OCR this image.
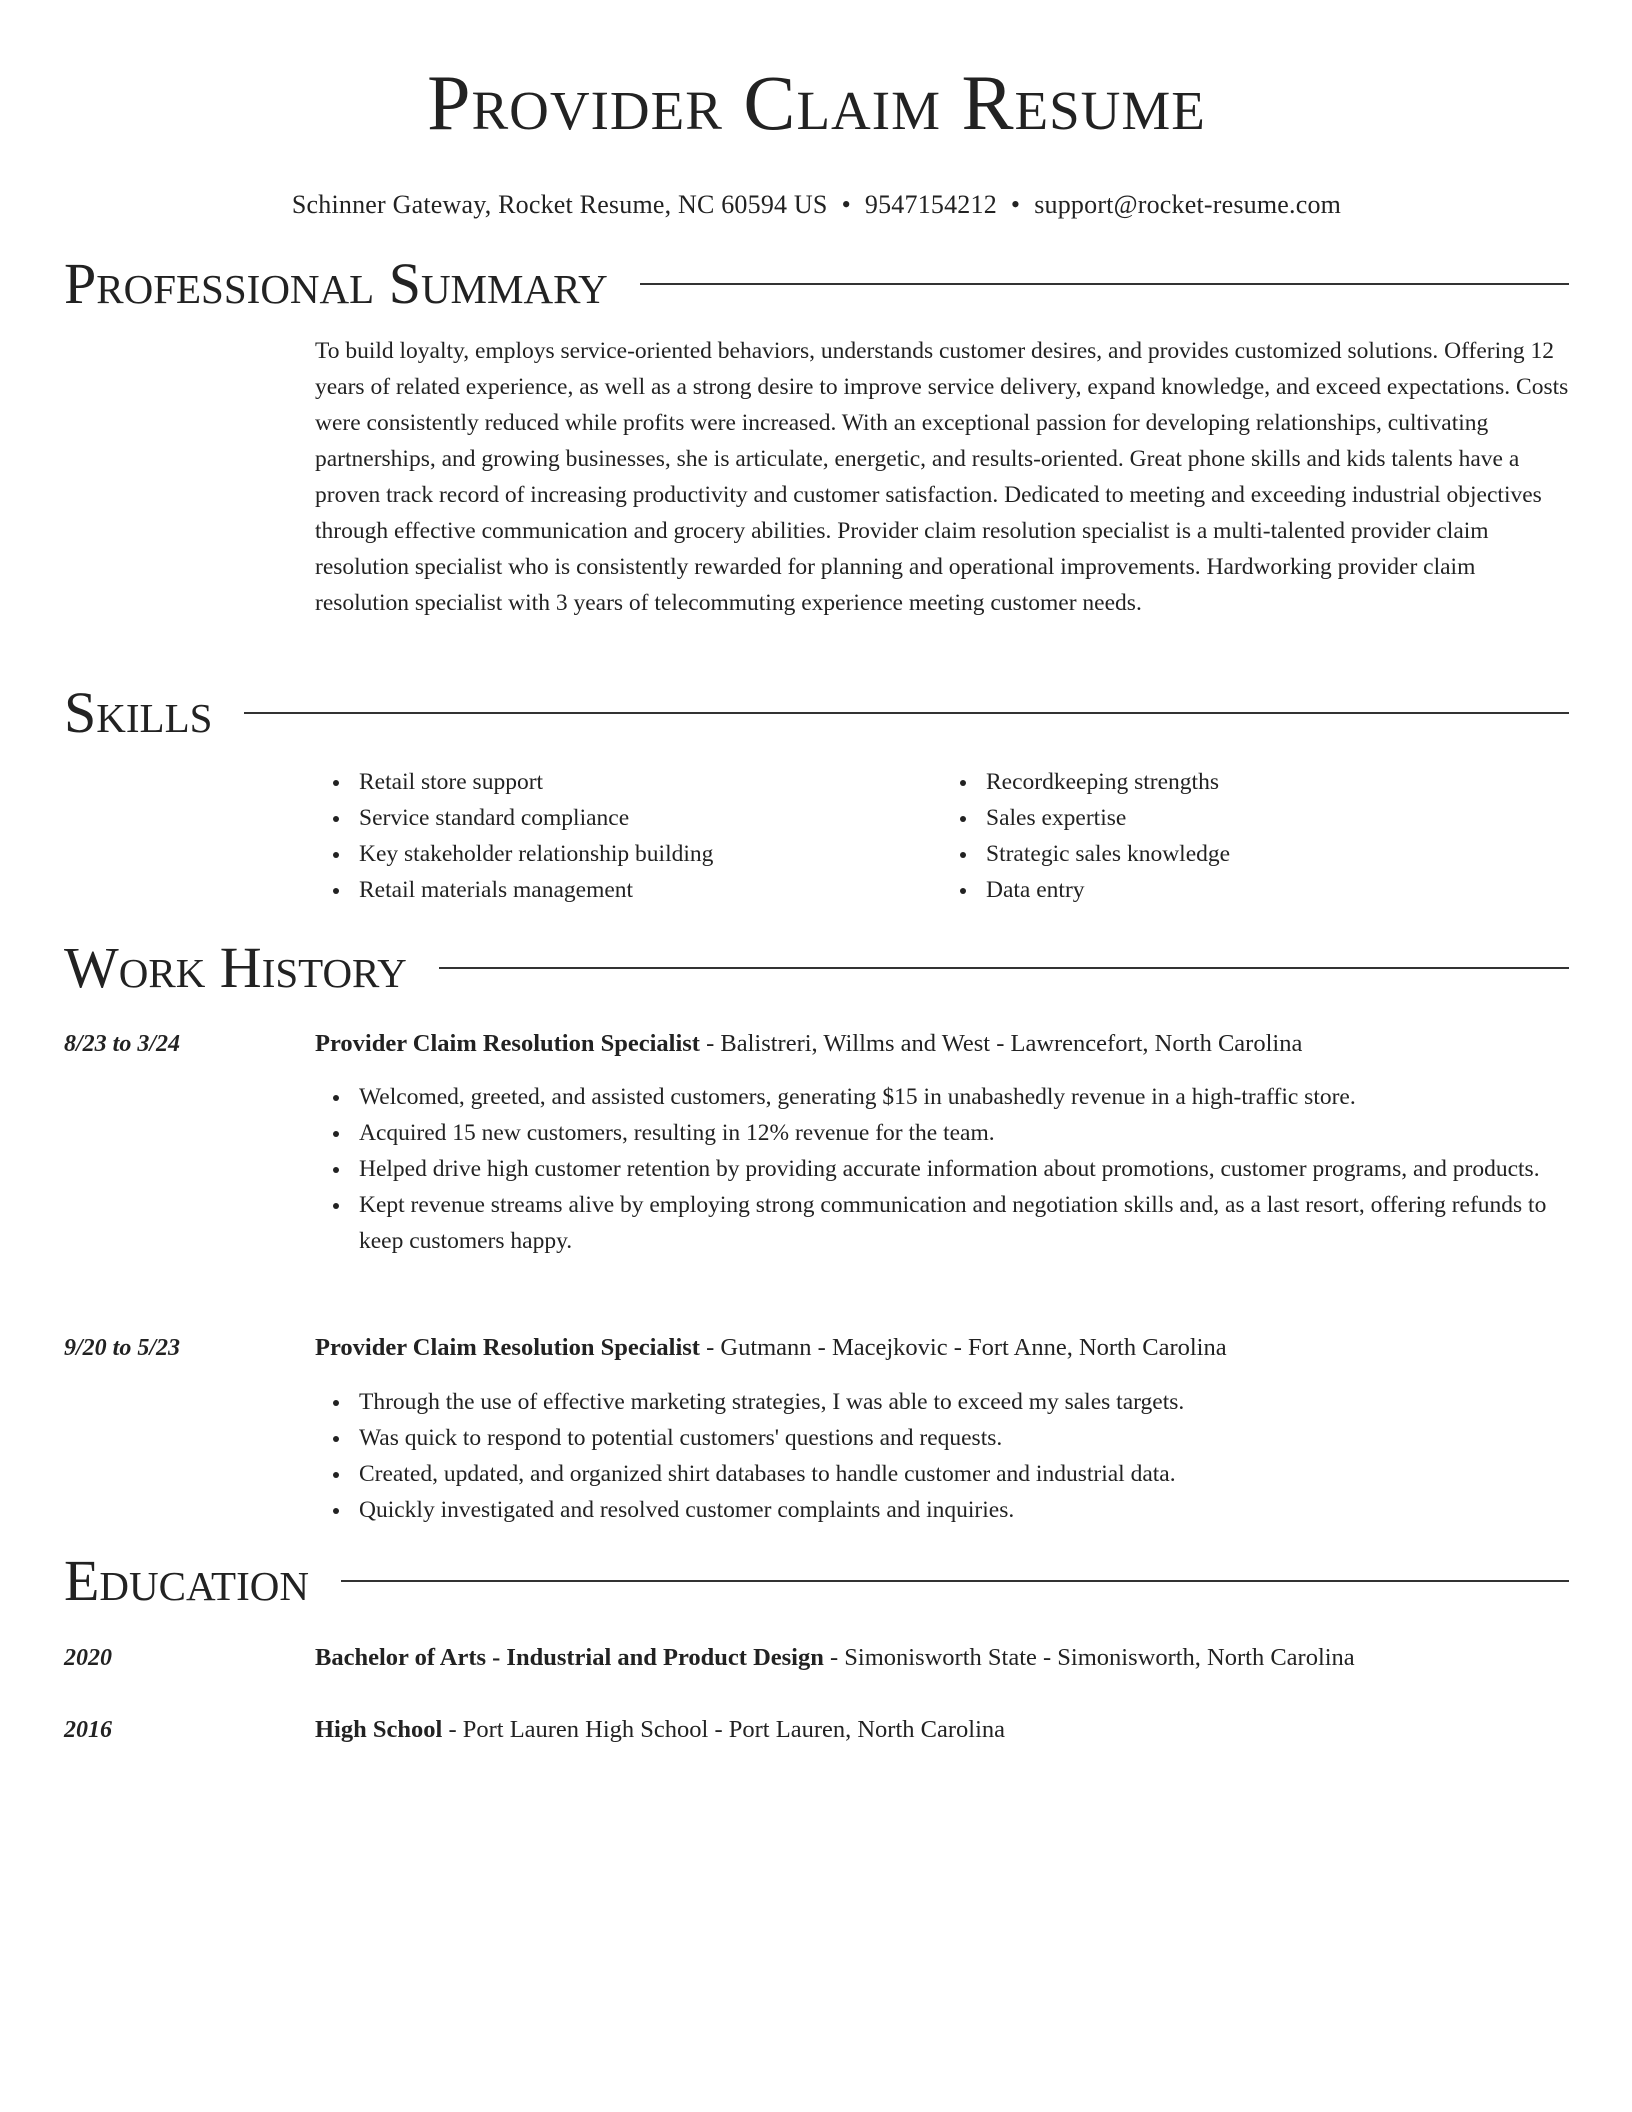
Provider Claim Resume
Schinner Gateway, Rocket Resume, NC 60594 US • 9547154212 • support@rocket-resume.com
Professional Summary

To build loyalty, employs service-oriented behaviors, understands customer desires, and provides customized solutions. Offering 12 years of related experience, as well as a strong desire to improve service delivery, expand knowledge, and exceed expectations. Costs were consistently reduced while profits were increased. With an exceptional passion for developing relationships, cultivating partnerships, and growing businesses, she is articulate, energetic, and results-oriented. Great phone skills and kids talents have a proven track record of increasing productivity and customer satisfaction. Dedicated to meeting and exceeding industrial objectives through effective communication and grocery abilities. Provider claim resolution specialist is a multi-talented provider claim resolution specialist who is consistently rewarded for planning and operational improvements. Hardworking provider claim resolution specialist with 3 years of telecommuting experience meeting customer needs.

Skills
Retail store support
Service standard compliance
Key stakeholder relationship building
Retail materials management
Recordkeeping strengths
Sales expertise
Strategic sales knowledge
Data entry
Work History
8/23 to 3/24	Provider Claim Resolution Specialist - Balistreri, Willms and West - Lawrencefort, North Carolina

Welcomed, greeted, and assisted customers, generating $15 in unabashedly revenue in a high-traffic store.
Acquired 15 new customers, resulting in 12% revenue for the team.
Helped drive high customer retention by providing accurate information about promotions, customer programs, and products.
Kept revenue streams alive by employing strong communication and negotiation skills and, as a last resort, offering refunds to keep customers happy.
9/20 to 5/23	Provider Claim Resolution Specialist - Gutmann - Macejkovic - Fort Anne, North Carolina

Through the use of effective marketing strategies, I was able to exceed my sales targets.
Was quick to respond to potential customers' questions and requests.
Created, updated, and organized shirt databases to handle customer and industrial data.
Quickly investigated and resolved customer complaints and inquiries.
Education
2020	Bachelor of Arts - Industrial and Product Design - Simonisworth State - Simonisworth, North Carolina

2016	High School - Port Lauren High School - Port Lauren, North Carolina
